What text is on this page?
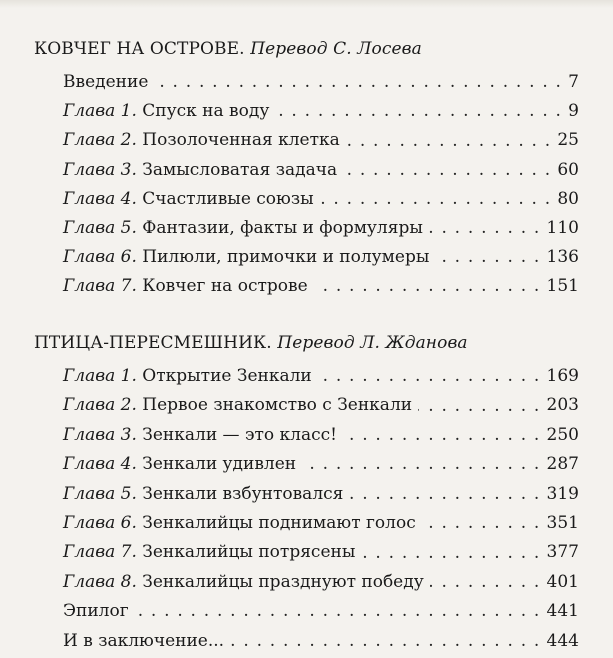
КОВЧЕГ НА ОСТРОВЕ. Перевод С. Лосева
Введение . . .	7
Глава 1. Спуск на воду . . .	9
Глава 2. Позолоченная клетка . . .	25
Глава 3. Замысловатая задача . . .	60
Глава 4. Счастливые союзы . . .	80
Глава 5. Фантазии, факты и формуляры . . .	110
Глава 6. Пилюли, примочки и полумеры . . .	136
Глава 7. Ковчег на острове . . .	151
ПТИЦА-ПЕРЕСМЕШНИК. Перевод Л. Жданова
Глава 1. Открытие Зенкали . . .	169
Глава 2. Первое знакомство с Зенкали . . .	203
Глава 3. Зенкали — это класс! . . .	250
Глава 4. Зенкали удивлен . . .	287
Глава 5. Зенкали взбунтовался . . .	319
Глава 6. Зенкалийцы поднимают голос . . .	351
Глава 7. Зенкалийцы потрясены . . .	377
Глава 8. Зенкалийцы празднуют победу . . .	401
Эпилог . . .	441
И в заключение... . . .	444
